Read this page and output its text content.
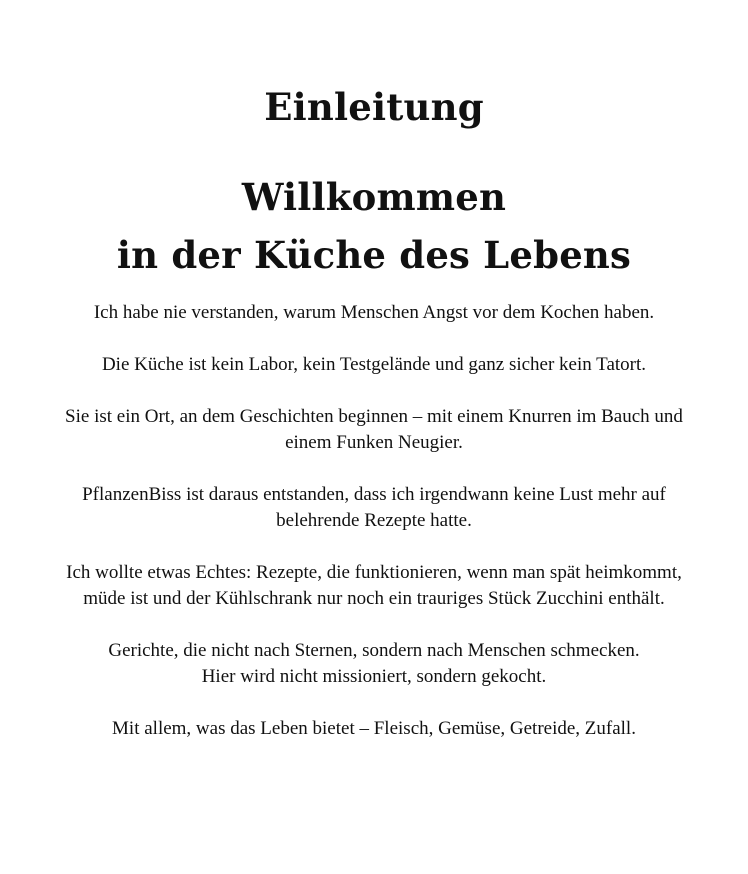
Einleitung
Willkommen
in der Küche des Lebens

Ich habe nie verstanden, warum Menschen Angst vor dem Kochen haben.

Die Küche ist kein Labor, kein Testgelände und ganz sicher kein Tatort.

Sie ist ein Ort, an dem Geschichten beginnen – mit einem Knurren im Bauch und einem Funken Neugier.

PflanzenBiss ist daraus entstanden, dass ich irgendwann keine Lust mehr auf belehrende Rezepte hatte.

Ich wollte etwas Echtes: Rezepte, die funktionieren, wenn man spät heimkommt, müde ist und der Kühlschrank nur noch ein trauriges Stück Zucchini enthält.

Gerichte, die nicht nach Sternen, sondern nach Menschen schmecken.

Hier wird nicht missioniert, sondern gekocht.

Mit allem, was das Leben bietet – Fleisch, Gemüse, Getreide, Zufall.
